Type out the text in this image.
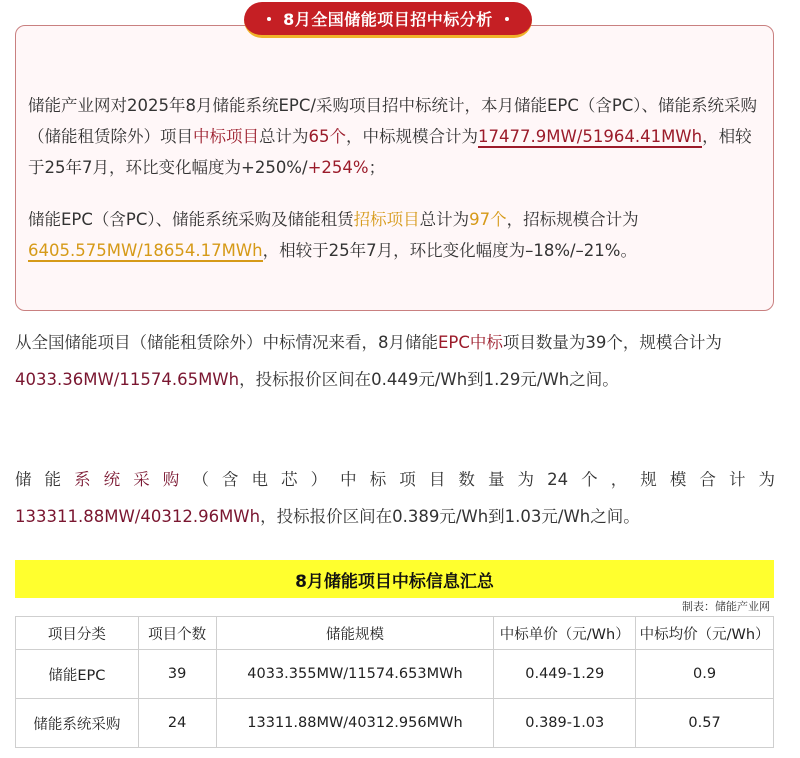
8月全国储能项目招中标分析

储能产业网对2025年8月储能系统EPC/采购项目招中标统计，本月储能EPC（含PC）、储能系统采购（储能租赁除外）项目中标项目总计为65个，中标规模合计为17477.9MW/51964.41MWh，相较于25年7月，环比变化幅度为+250%/+254%；

储能EPC（含PC）、储能系统采购及储能租赁招标项目总计为97个，招标规模合计为6405.575MW/18654.17MWh，相较于25年7月，环比变化幅度为–18%/–21%。

从全国储能项目（储能租赁除外）中标情况来看，8月储能EPC中标项目数量为39个，规模合计为4033.36MW/11574.65MWh，投标报价区间在0.449元/Wh到1.29元/Wh之间。

储能系统采购（含电芯）中标项目数量为24个，规模合计为
133311.88MW/40312.96MWh，投标报价区间在0.389元/Wh到1.03元/Wh之间。
8月储能项目中标信息汇总
制表：储能产业网
项目分类	项目个数	储能规模	中标单价（元/Wh）	中标均价（元/Wh）
储能EPC	39	4033.355MW/11574.653MWh	0.449-1.29	0.9
储能系统采购	24	13311.88MW/40312.956MWh	0.389-1.03	0.57
